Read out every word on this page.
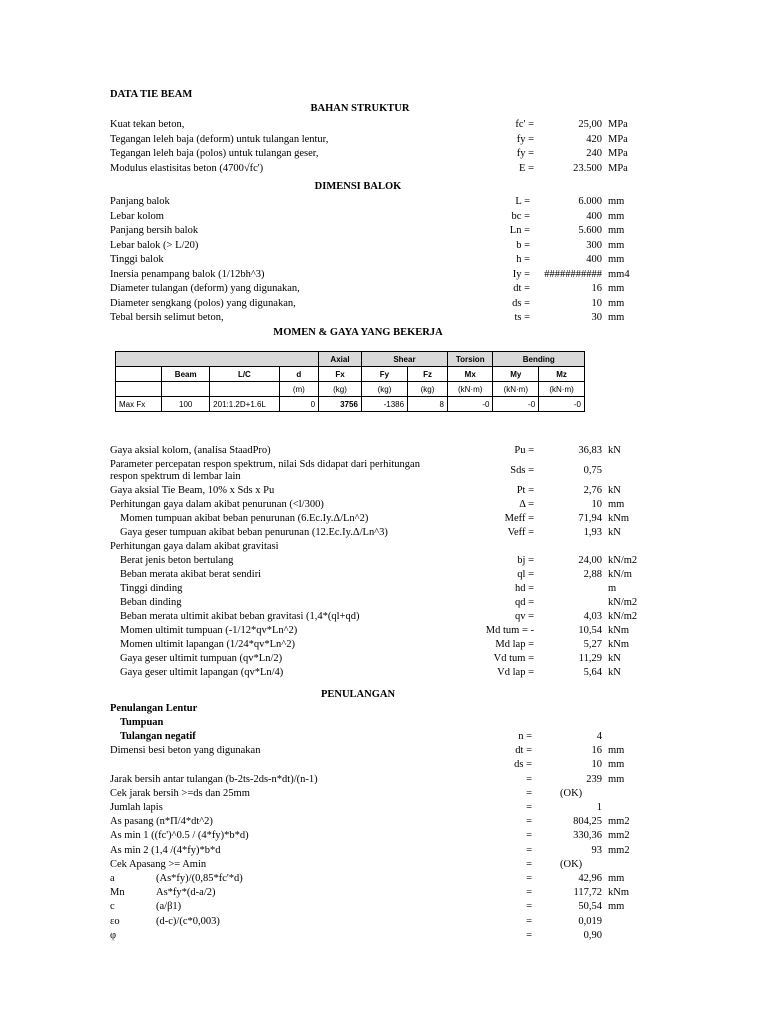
DATA TIE BEAM
BAHAN STRUKTUR
Kuat tekan beton,	fc' =	25,00 MPa
Tegangan leleh baja (deform) untuk tulangan lentur,	fy =	420 MPa
Tegangan leleh baja (polos) untuk tulangan geser,	fy =	240 MPa
Modulus elastisitas beton (4700√fc')	E =	23.500 MPa
DIMENSI BALOK
Panjang balok	L =	6.000 mm
Lebar kolom	bc =	400 mm
Panjang bersih balok	Ln =	5.600 mm
Lebar balok (> L/20)	b =	300 mm
Tinggi balok	h =	400 mm
Inersia penampang balok (1/12bh^3)	Iy =	########### mm4
Diameter tulangan (deform) yang digunakan,	dt =	16 mm
Diameter sengkang (polos) yang digunakan,	ds =	10 mm
Tebal bersih selimut beton,	ts =	30 mm
MOMEN & GAYA YANG BEKERJA
				Axial	Shear		Torsion	Bending	
	Beam	L/C	d	Fx	Fy	Fz	Mx	My	Mz
			(m)	(kg)	(kg)	(kg)	(kN·m)	(kN·m)	(kN·m)
Max Fx	100	201:1.2D+1.6L	0	3756	-1386	8	-0	-0	-0
Gaya aksial kolom, (analisa StaadPro)	Pu =	36,83 kN
Parameter percepatan respon spektrum, nilai Sds didapat dari perhitungan
respon spektrum di lembar lain
Sds =	0,75
Gaya aksial Tie Beam, 10% x Sds x Pu	Pt =	2,76 kN
Perhitungan gaya dalam akibat penurunan (<l/300)	Δ =	10 mm
Momen tumpuan akibat beban penurunan (6.Ec.Iy.Δ/Ln^2)	Meff =	71,94 kNm
Gaya geser tumpuan akibat beban penurunan (12.Ec.Iy.Δ/Ln^3)	Veff =	1,93 kN
Perhitungan gaya dalam akibat gravitasi
Berat jenis beton bertulang	bj =	24,00 kN/m2
Beban merata akibat berat sendiri	ql =	2,88 kN/m
Tinggi dinding	hd =	m
Beban dinding	qd =	kN/m2
Beban merata ultimit akibat beban gravitasi (1,4*(ql+qd)	qv =	4,03 kN/m2
Momen ultimit tumpuan (-1/12*qv*Ln^2)	Md tum = -	10,54 kNm
Momen ultimit lapangan (1/24*qv*Ln^2)	Md lap =	5,27 kNm
Gaya geser ultimit tumpuan (qv*Ln/2)	Vd tum =	11,29 kN
Gaya geser ultimit lapangan (qv*Ln/4)	Vd lap =	5,64 kN
PENULANGAN
Penulangan Lentur
Tumpuan
Tulangan negatif	n =	4
Dimensi besi beton yang digunakan	dt =	16 mm
ds =	10 mm
Jarak bersih antar tulangan (b-2ts-2ds-n*dt)/(n-1)	=	239 mm
Cek jarak bersih >=ds dan 25mm	=	(OK)
Jumlah lapis	=	1
As pasang (n*Π/4*dt^2)	=	804,25 mm2
As min 1 ((fc')^0.5 / (4*fy)*b*d)	=	330,36 mm2
As min 2 (1,4 /(4*fy)*b*d	=	93 mm2
Cek Apasang >= Amin	=	(OK)
a	(As*fy)/(0,85*fc'*d)	=	42,96 mm
Mn	As*fy*(d-a/2)	=	117,72 kNm
c	(a/β1)	=	50,54 mm
εo	(d-c)/(c*0,003)	=	0,019
φ	=	0,90
